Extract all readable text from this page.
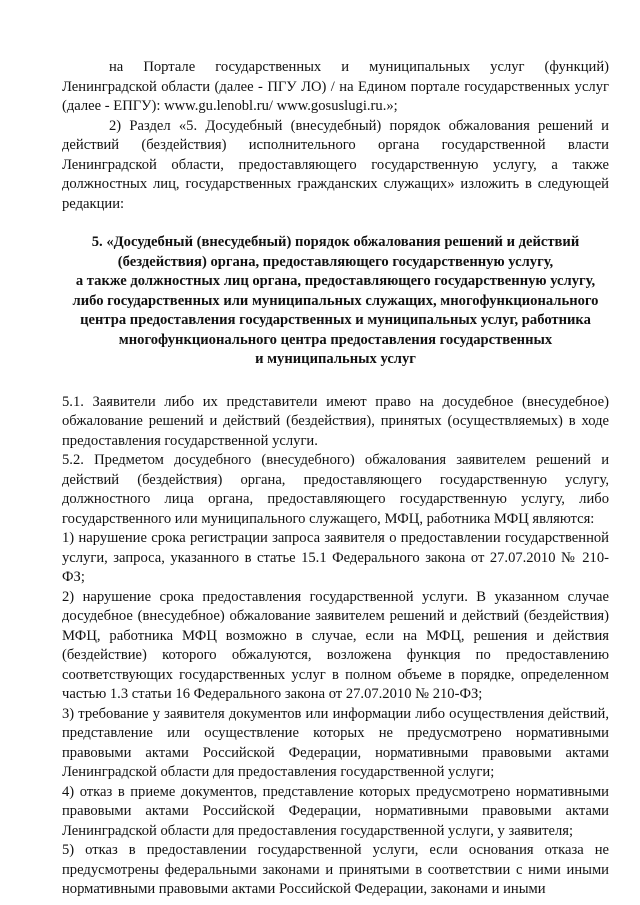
на Портале государственных и муниципальных услуг (функций) Ленинградской области (далее - ПГУ ЛО) / на Едином портале государственных услуг (далее - ЕПГУ): www.gu.lenobl.ru/ www.gosuslugi.ru.»;

2) Раздел «5. Досудебный (внесудебный) порядок обжалования решений и действий (бездействия) исполнительного органа государственной власти Ленинградской области, предоставляющего государственную услугу, а также должностных лиц, государственных гражданских служащих» изложить в следующей редакции:

5. «Досудебный (внесудебный) порядок обжалования решений и действий
(бездействия) органа, предоставляющего государственную услугу,
а также должностных лиц органа, предоставляющего государственную услугу,
либо государственных или муниципальных служащих, многофункционального
центра предоставления государственных и муниципальных услуг, работника
многофункционального центра предоставления государственных
и муниципальных услуг

5.1. Заявители либо их представители имеют право на досудебное (внесудебное) обжалование решений и действий (бездействия), принятых (осуществляемых) в ходе предоставления государственной услуги.

5.2. Предметом досудебного (внесудебного) обжалования заявителем решений и действий (бездействия) органа, предоставляющего государственную услугу, должностного лица органа, предоставляющего государственную услугу, либо государственного или муниципального служащего, МФЦ, работника МФЦ являются:

1) нарушение срока регистрации запроса заявителя о предоставлении государственной услуги, запроса, указанного в статье 15.1 Федерального закона от 27.07.2010 № 210-ФЗ;

2) нарушение срока предоставления государственной услуги. В указанном случае досудебное (внесудебное) обжалование заявителем решений и действий (бездействия) МФЦ, работника МФЦ возможно в случае, если на МФЦ, решения и действия (бездействие) которого обжалуются, возложена функция по предоставлению соответствующих государственных услуг в полном объеме в порядке, определенном частью 1.3 статьи 16 Федерального закона от 27.07.2010 № 210-ФЗ;

3) требование у заявителя документов или информации либо осуществления действий, представление или осуществление которых не предусмотрено нормативными правовыми актами Российской Федерации, нормативными правовыми актами Ленинградской области для предоставления государственной услуги;

4) отказ в приеме документов, представление которых предусмотрено нормативными правовыми актами Российской Федерации, нормативными правовыми актами Ленинградской области для предоставления государственной услуги, у заявителя;

5) отказ в предоставлении государственной услуги, если основания отказа не предусмотрены федеральными законами и принятыми в соответствии с ними иными нормативными правовыми актами Российской Федерации, законами и иными
